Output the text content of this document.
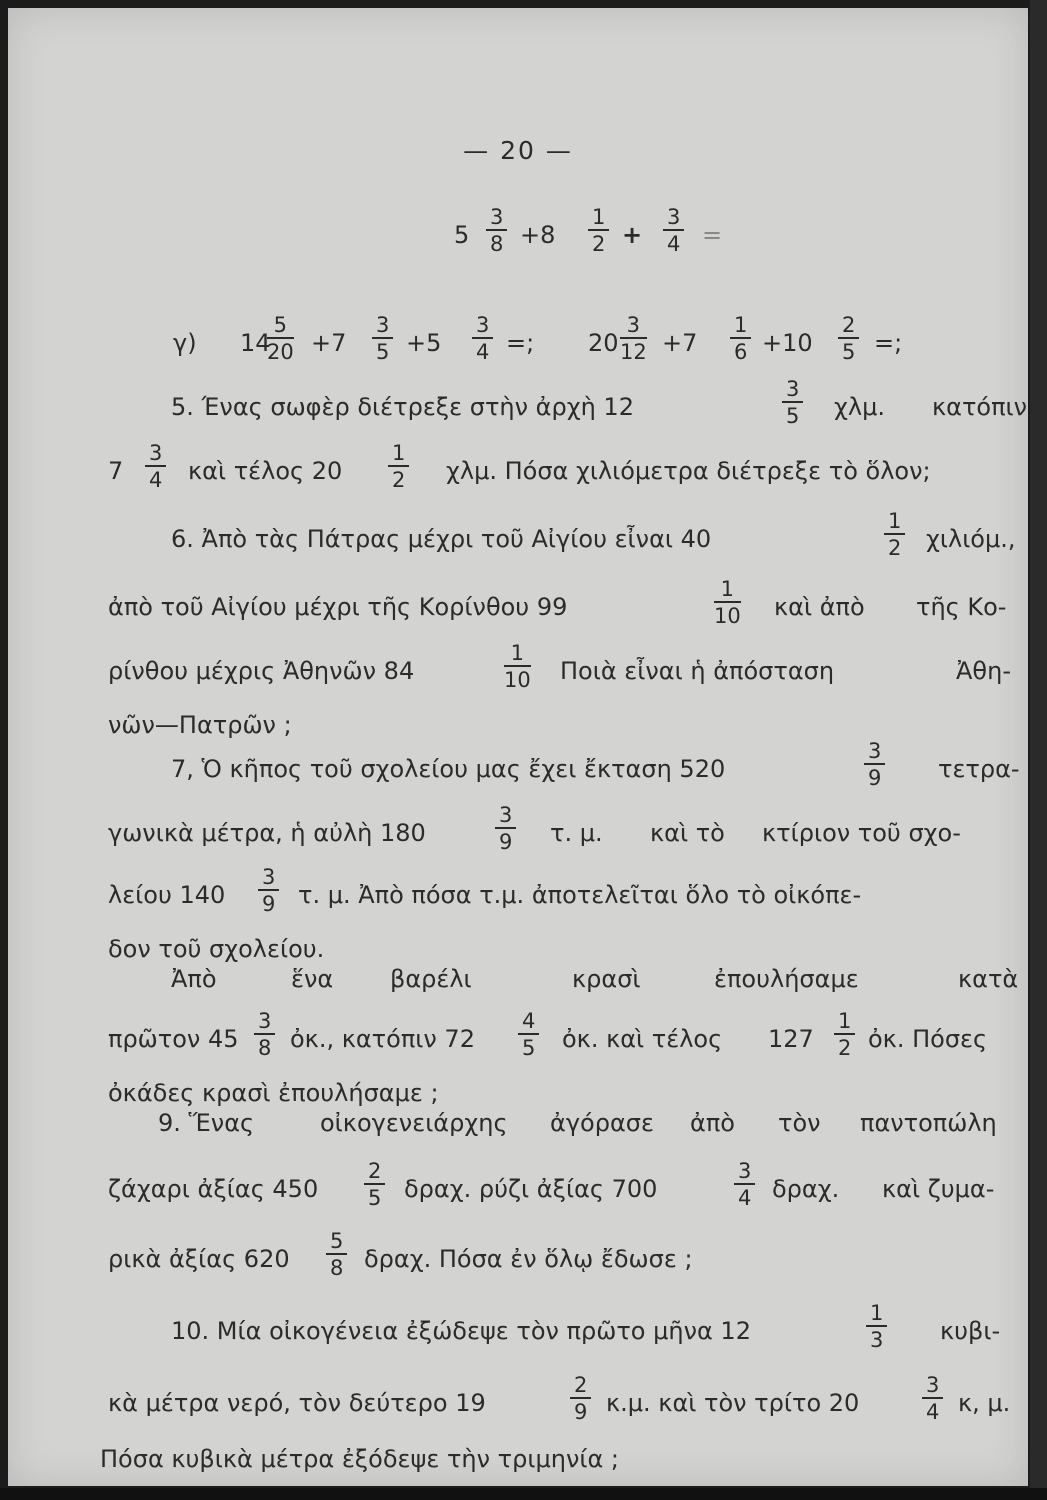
— 20 —
5
3
8 +8
1
2 +
3
4 =
γ) 14
5
20 +7
3
5 +5
3
4 =; 20
3
12 +7
1
6 +10
2
5 =;
5. Ένας σωφὲρ διέτρεξε στὴν ἀρχὴ 12
3
5 χλμ. κατόπιν
7
3
4 καὶ τέλος 20
1
2 χλμ. Πόσα χιλιόμετρα διέτρεξε τὸ ὅλον;
6. Ἀπὸ τὰς Πάτρας μέχρι τοῦ Αἰγίου εἶναι 40
1
2 χιλιόμ.,
ἀπὸ τοῦ Αἰγίου μέχρι τῆς Κορίνθου 99
1
10 καὶ ἀπὸ τῆς Κο-
ρίνθου μέχρις Ἀθηνῶν 84
1
10 Ποιὰ εἶναι ἡ ἀπόσταση	Ἀθη-
νῶν—Πατρῶν ;
7, Ὁ κῆπος τοῦ σχολείου μας ἔχει ἔκταση 520
3
9 τετρα-
γωνικὰ μέτρα, ἡ αὐλὴ 180
3
9 τ. μ. καὶ τὸ κτίριον τοῦ σχο-
λείου 140
3
9 τ. μ. Ἀπὸ πόσα τ.μ. ἀποτελεῖται ὅλο τὸ οἰκόπε-
δον τοῦ σχολείου.
Ἀπὸ	ἕνα βαρέλι	κρασὶ	ἐπουλήσαμε	κατὰ
πρῶτον 45
3
8 ὀκ., κατόπιν 72
4
5 ὀκ. καὶ τέλος 127
1
2 ὀκ. Πόσες
ὀκάδες κρασὶ ἐπουλήσαμε ;
9. Ἕνας	οἰκογενειάρχης ἀγόρασε ἀπὸ τὸν παντοπώλη
ζάχαρι ἀξίας 450
2
5 δραχ. ρύζι ἀξίας 700
3
4 δραχ. καὶ ζυμα-
ρικὰ ἀξίας 620
5
8 δραχ. Πόσα ἐν ὅλῳ ἔδωσε ;
10. Μία οἰκογένεια ἐξώδεψε τὸν πρῶτο μῆνα 12
1
3 κυβι-
κὰ μέτρα νερό, τὸν δεύτερο 19
2
9 κ.μ. καὶ τὸν τρίτο 20
3
4 κ, μ.
Πόσα κυβικὰ μέτρα ἐξόδεψε τὴν τριμηνία ;
